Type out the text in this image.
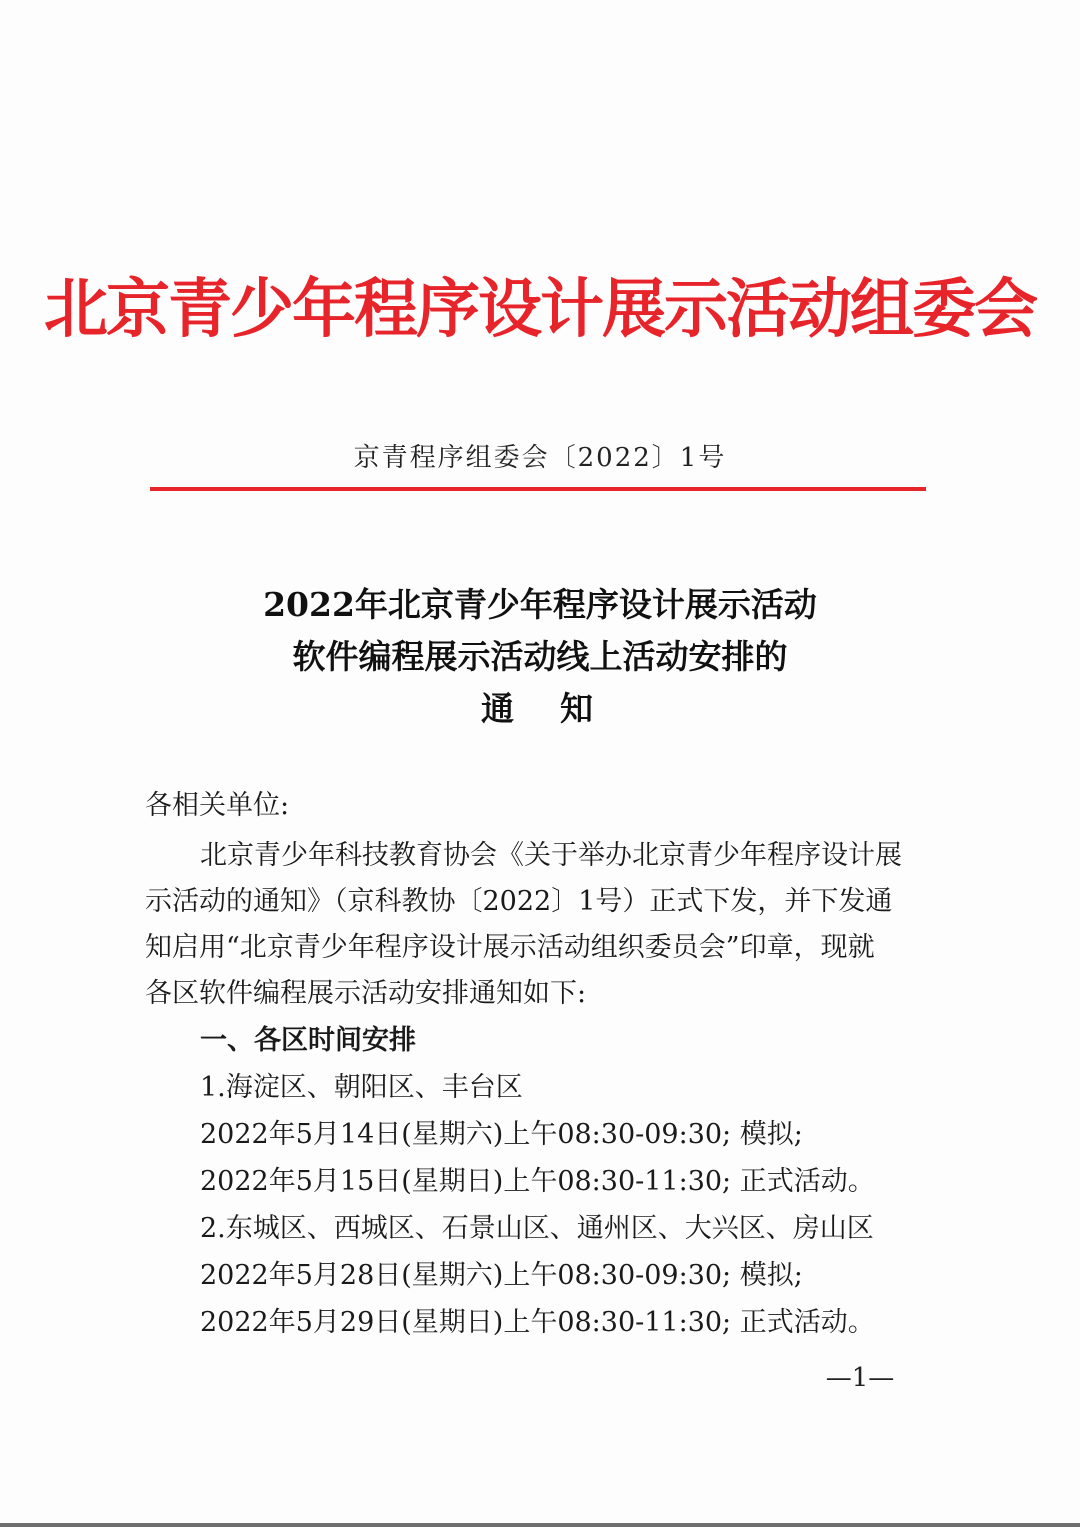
北京青少年程序设计展示活动组委会
京青程序组委会〔2022〕1号
2022年北京青少年程序设计展示活动
软件编程展示活动线上活动安排的
通知
各相关单位:
北京青少年科技教育协会《关于举办北京青少年程序设计展
示活动的通知》（京科教协〔2022〕1号）正式下发，并下发通
知启用“北京青少年程序设计展示活动组织委员会”印章，现就
各区软件编程展示活动安排通知如下:
一、各区时间安排
1.海淀区、朝阳区、丰台区
2022年5月14日(星期六)上午08:30-09:30; 模拟;
2022年5月15日(星期日)上午08:30-11:30; 正式活动。
2.东城区、西城区、石景山区、通州区、大兴区、房山区
2022年5月28日(星期六)上午08:30-09:30; 模拟;
2022年5月29日(星期日)上午08:30-11:30; 正式活动。
—1—
